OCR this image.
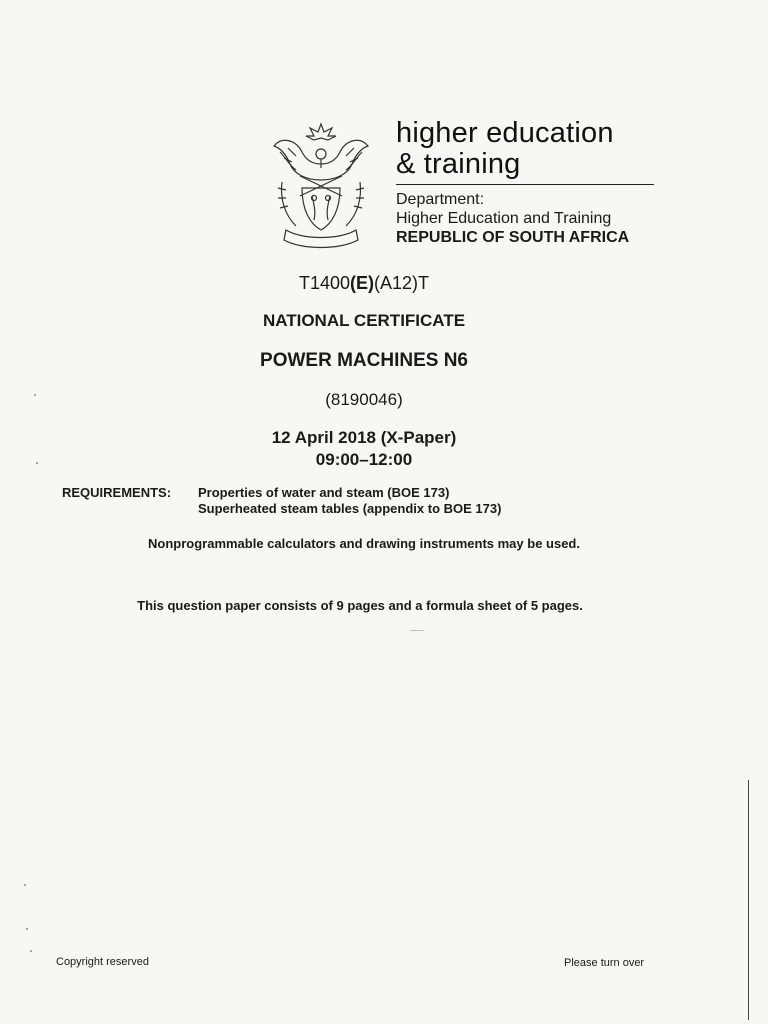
higher education
& training
Department:
Higher Education and Training
REPUBLIC OF SOUTH AFRICA
T1400(E)(A12)T
NATIONAL CERTIFICATE
POWER MACHINES N6
(8190046)
12 April 2018 (X-Paper)
09:00–12:00
REQUIREMENTS: Properties of water and steam (BOE 173)
Superheated steam tables (appendix to BOE 173)
Nonprogrammable calculators and drawing instruments may be used.
This question paper consists of 9 pages and a formula sheet of 5 pages.
Copyright reserved	Please turn over
